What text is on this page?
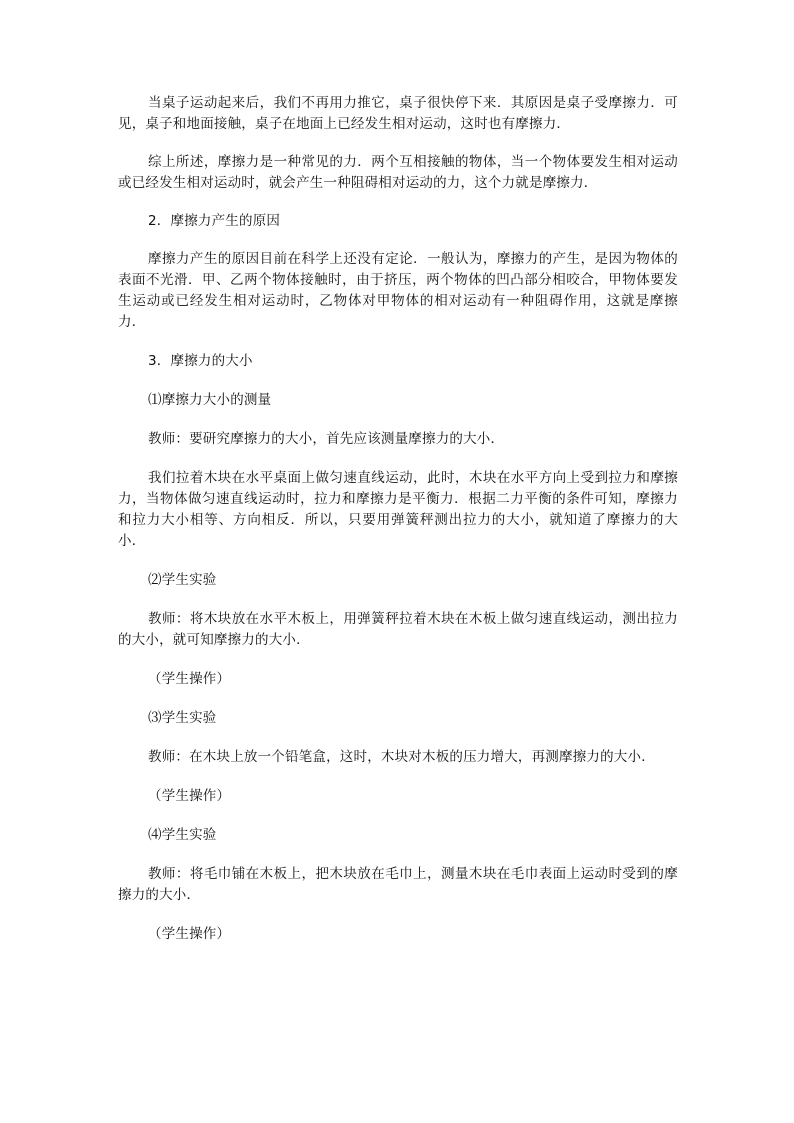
当桌子运动起来后，我们不再用力推它，桌子很快停下来．其原因是桌子受摩擦力．可见，桌子和地面接触，桌子在地面上已经发生相对运动，这时也有摩擦力．

综上所述，摩擦力是一种常见的力．两个互相接触的物体，当一个物体要发生相对运动或已经发生相对运动时，就会产生一种阻碍相对运动的力，这个力就是摩擦力．

2．摩擦力产生的原因

摩擦力产生的原因目前在科学上还没有定论．一般认为，摩擦力的产生，是因为物体的表面不光滑．甲、乙两个物体接触时，由于挤压，两个物体的凹凸部分相咬合，甲物体要发生运动或已经发生相对运动时，乙物体对甲物体的相对运动有一种阻碍作用，这就是摩擦力．

3．摩擦力的大小

⑴摩擦力大小的测量

教师：要研究摩擦力的大小，首先应该测量摩擦力的大小．

我们拉着木块在水平桌面上做匀速直线运动，此时，木块在水平方向上受到拉力和摩擦力，当物体做匀速直线运动时，拉力和摩擦力是平衡力．根据二力平衡的条件可知，摩擦力和拉力大小相等、方向相反．所以，只要用弹簧秤测出拉力的大小，就知道了摩擦力的大小．

⑵学生实验

教师：将木块放在水平木板上，用弹簧秤拉着木块在木板上做匀速直线运动，测出拉力的大小，就可知摩擦力的大小．

（学生操作）

⑶学生实验

教师：在木块上放一个铅笔盒，这时，木块对木板的压力增大，再测摩擦力的大小．

（学生操作）

⑷学生实验

教师：将毛巾铺在木板上，把木块放在毛巾上，测量木块在毛巾表面上运动时受到的摩擦力的大小．

（学生操作）
